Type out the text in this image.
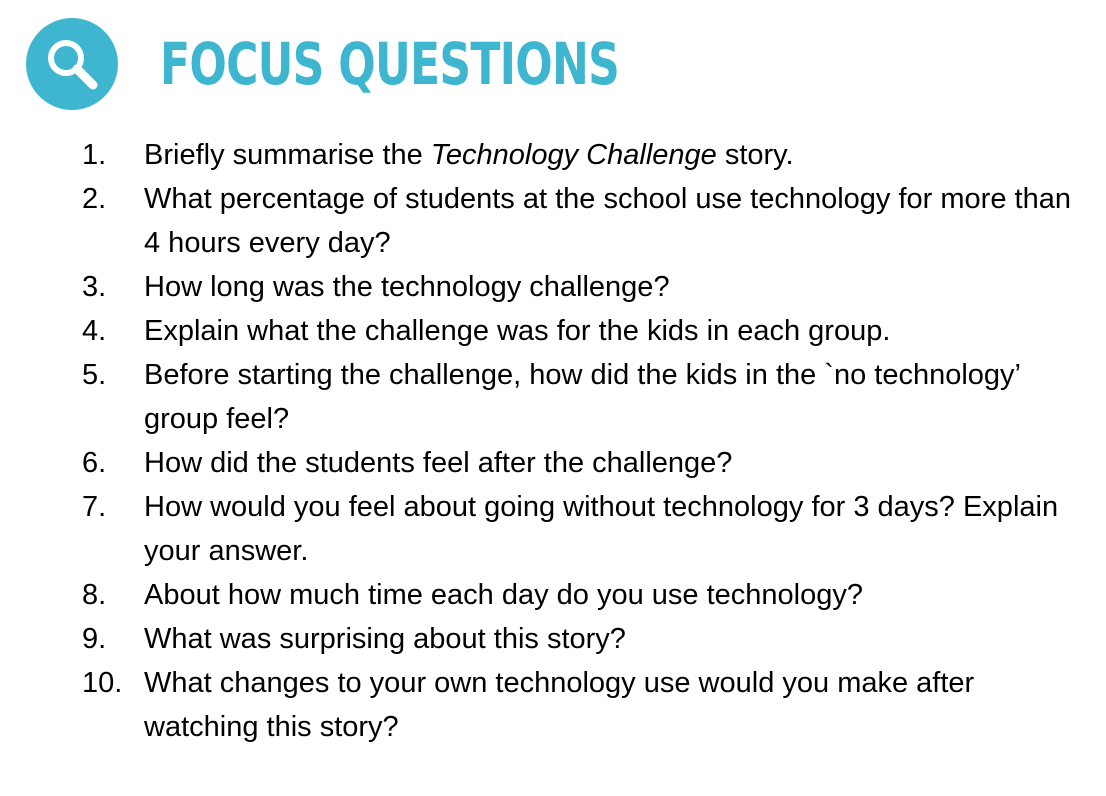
FOCUS QUESTIONS
1.	Briefly summarise the Technology Challenge story.
2.	What percentage of students at the school use technology for more than 4 hours every day?
3.	How long was the technology challenge?
4.	Explain what the challenge was for the kids in each group.
5.	Before starting the challenge, how did the kids in the `no technology’ group feel?
6.	How did the students feel after the challenge?
7.	How would you feel about going without technology for 3 days? Explain your answer.
8.	About how much time each day do you use technology?
9.	What was surprising about this story?
10. What changes to your own technology use would you make after watching this story?
